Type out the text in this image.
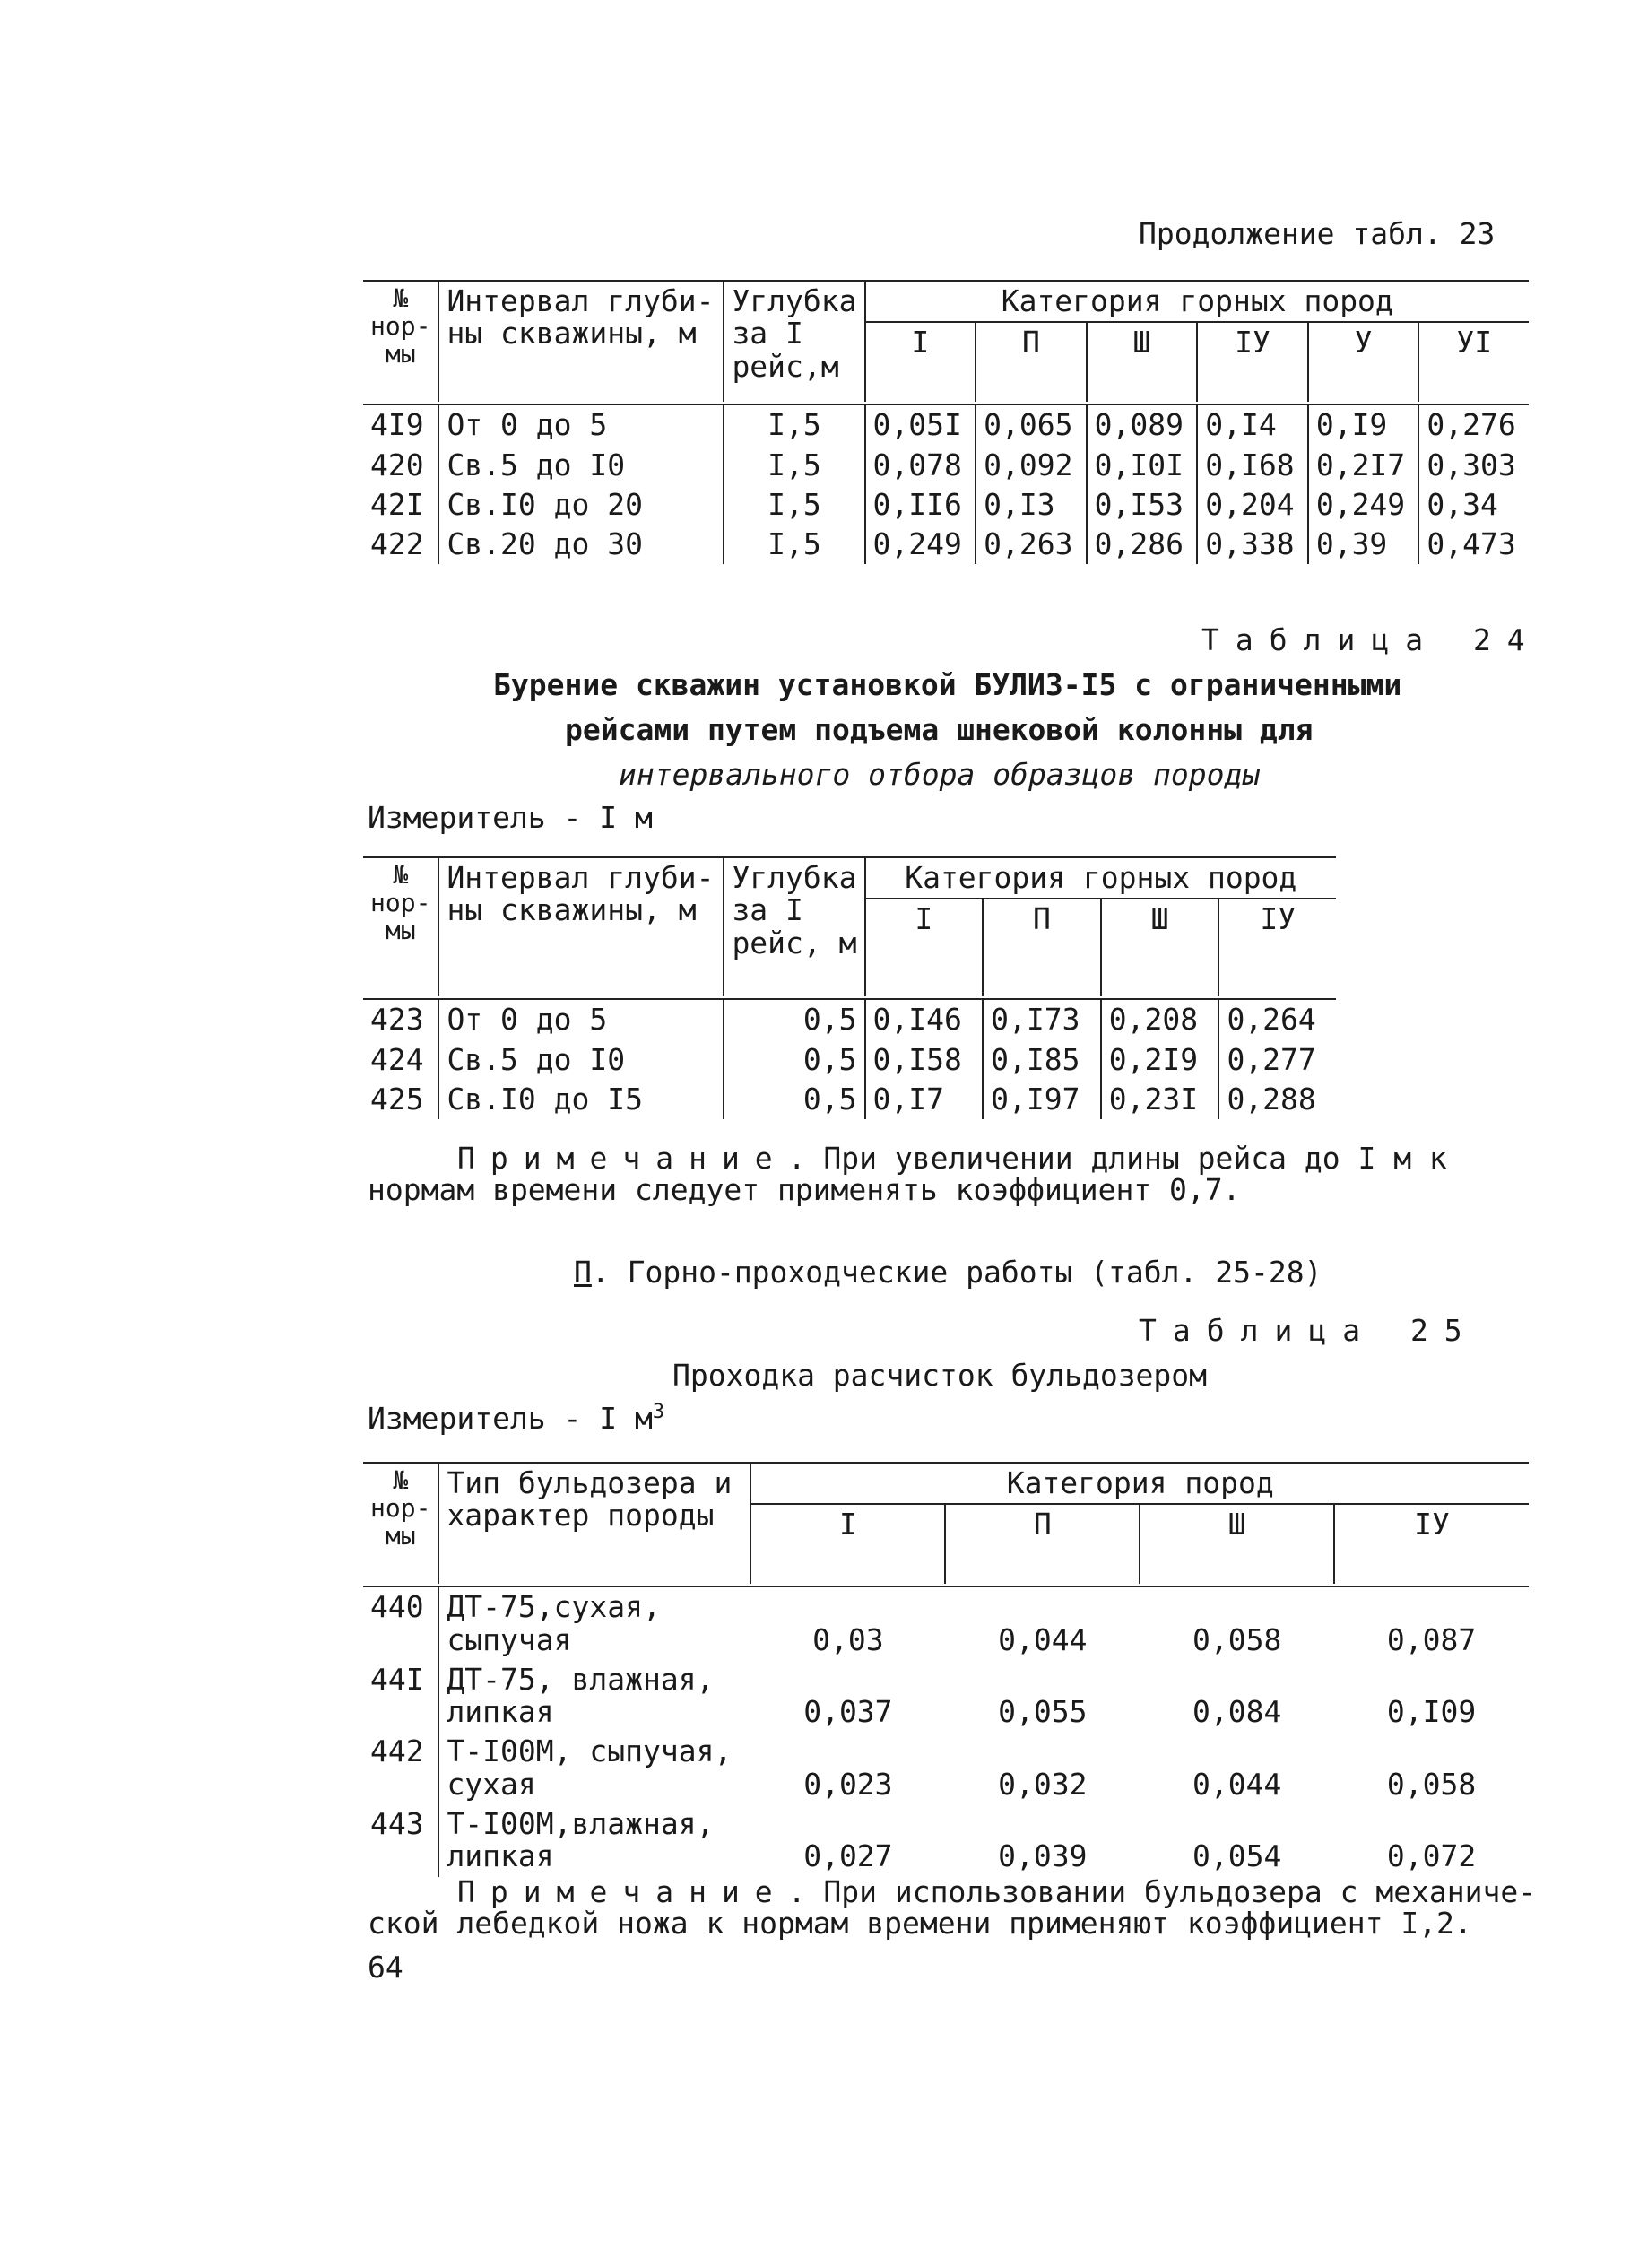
Продолжение табл. 23
№ нор- мы	Интервал глуби- ны скважины, м	Углубка за I рейс,м	Категория горных пород					
			I	П	Ш	IУ	У	УI

4I9	От 0 до 5	I,5	0,05I	0,065	0,089	0,I4	0,I9	0,276
420	Св.5 до I0	I,5	0,078	0,092	0,I0I	0,I68	0,2I7	0,303
42I	Св.I0 до 20	I,5	0,II6	0,I3	0,I53	0,204	0,249	0,34
422	Св.20 до 30	I,5	0,249	0,263	0,286	0,338	0,39	0,473
Таблица 24
Бурение скважин установкой БУЛИЗ-I5 с ограниченными
рейсами путем подъема шнековой колонны для
интервального отбора образцов породы
Измеритель - I м
№ нор- мы	Интервал глуби- ны скважины, м	Углубка за I рейс, м	Категория горных пород			
			I	П	Ш	IУ

423	От 0 до 5	0,5	0,I46	0,I73	0,208	0,264
424	Св.5 до I0	0,5	0,I58	0,I85	0,2I9	0,277
425	Св.I0 до I5	0,5	0,I7	0,I97	0,23I	0,288
Примечание. При увеличении длины рейса до I м к
нормам времени следует применять коэффициент 0,7.
П. Горно-проходческие работы (табл. 25-28)
Таблица 25
Проходка расчисток бульдозером
Измеритель - I $м^3$
№ нор- мы	Тип бульдозера и характер породы	Категория пород			
		I	П	Ш	IУ

440	ДТ-75,сухая, сыпучая	0,03	0,044	0,058	0,087
44I	ДТ-75, влажная, липкая	0,037	0,055	0,084	0,I09
442	Т-I00М, сыпучая, сухая	0,023	0,032	0,044	0,058
443	Т-I00М,влажная, липкая	0,027	0,039	0,054	0,072
Примечание. При использовании бульдозера с механиче-
ской лебедкой ножа к нормам времени применяют коэффициент I,2.
64
